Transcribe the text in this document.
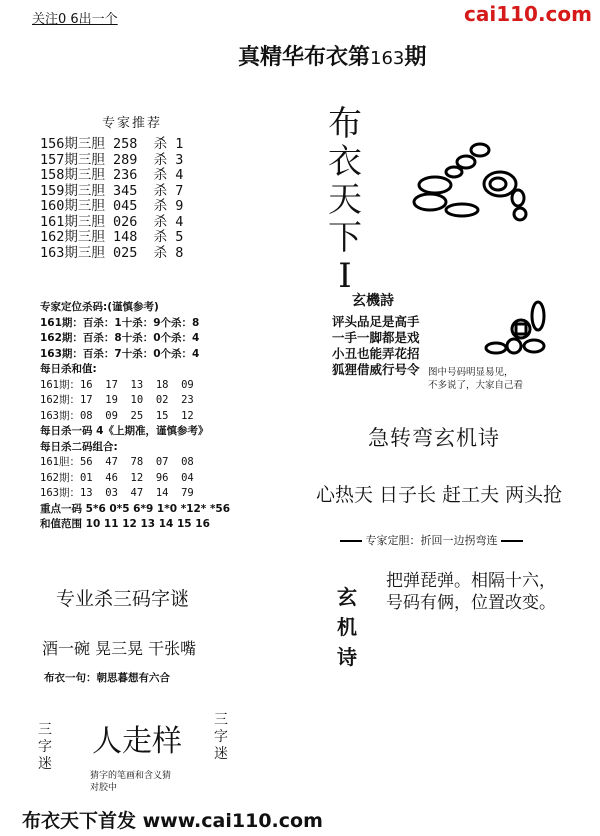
关注0 6出一个	cai110.com
真精华布衣第163期
专家推荐
156期三胆 258  杀 1
157期三胆 289  杀 3
158期三胆 236  杀 4
159期三胆 345  杀 7
160期三胆 045  杀 9
161期三胆 026  杀 4
162期三胆 148  杀 5
163期三胆 025  杀 8
专家定位杀码:(谨慎参考)
161期：百杀：1十杀：9个杀：8
162期：百杀：8十杀：0个杀：4
163期：百杀：7十杀：0个杀：4
每日杀和值:
161期：16  17  13  18  09
162期：17  19  10  02  23
163期：08  09  25  15  12
每日杀一码 4《上期准，谨慎参考》
每日杀二码组合:
161胆：56  47  78  07  08
162期：01  46  12  96  04
163期：13  03  47  14  79
重点一码 5*6 0*5 6*9 1*0 *12* *56
和值范围 10 11 12 13 14 15 16
布
衣
天
下
I
玄機詩
评头品足是高手
一手一脚都是戏
小丑也能弄花招
狐狸借威行号令 图中号码明显易见，
不多说了，大家自己看
急转弯玄机诗
心热天 日子长 赶工夫 两头抢
专家定胆：折回一边拐弯连
玄
机
诗
把弹琵弹。相隔十六，
号码有俩，位置改变。
专业杀三码字谜
酒一碗 晃三晃 干张嘴
布衣一句：朝思暮想有六合
三
字
迷
人走样
猜字的笔画和含义猜
对胶中
三
字
迷
布衣天下首发 www.cai110.com
